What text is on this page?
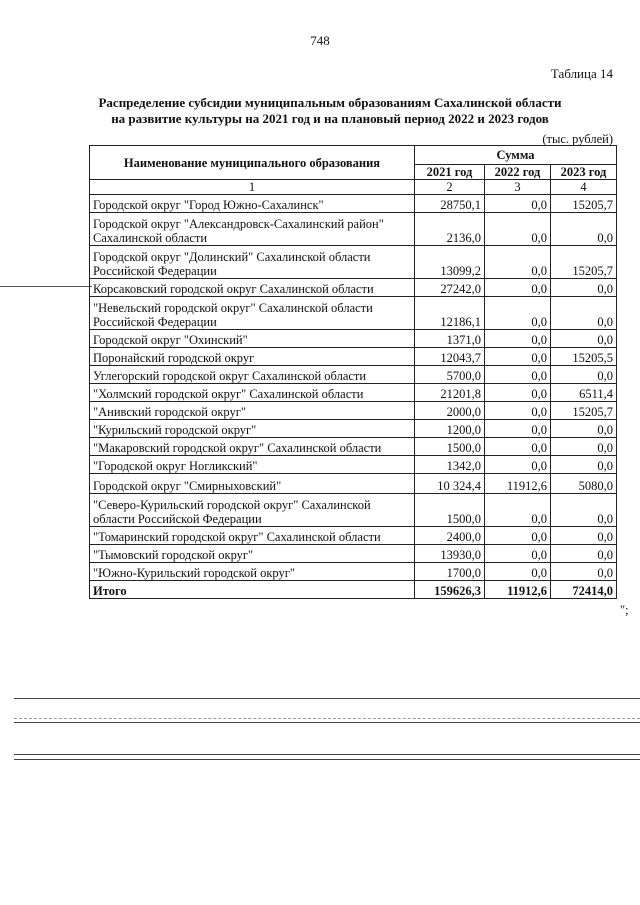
748
Таблица 14
Распределение субсидии муниципальным образованиям Сахалинской области
на развитие культуры на 2021 год и на плановый период 2022 и 2023 годов
(тыс. рублей)
Наименование муниципального образования	Сумма		
	2021 год	2022 год	2023 год
1	2	3	4
Городской округ "Город Южно-Сахалинск"	28750,1	0,0	15205,7
Городской округ "Александровск-Сахалинский район" Сахалинской области	2136,0	0,0	0,0
Городской округ "Долинский" Сахалинской области Российской Федерации	13099,2	0,0	15205,7
Корсаковский городской округ Сахалинской области	27242,0	0,0	0,0
"Невельский городской округ" Сахалинской области Российской Федерации	12186,1	0,0	0,0
Городской округ "Охинский"	1371,0	0,0	0,0
Поронайский городской округ	12043,7	0,0	15205,5
Углегорский городской округ Сахалинской области	5700,0	0,0	0,0
"Холмский городской округ" Сахалинской области	21201,8	0,0	6511,4
"Анивский городской округ"	2000,0	0,0	15205,7
"Курильский городской округ"	1200,0	0,0	0,0
"Макаровский городской округ" Сахалинской области	1500,0	0,0	0,0
"Городской округ Ногликский"	1342,0	0,0	0,0
Городской округ "Смирныховский"	10 324,4	11912,6	5080,0
"Северо-Курильский городской округ" Сахалинской области Российской Федерации	1500,0	0,0	0,0
"Томаринский городской округ" Сахалинской области	2400,0	0,0	0,0
"Тымовский городской округ"	13930,0	0,0	0,0
"Южно-Курильский городской округ"	1700,0	0,0	0,0
Итого	159626,3	11912,6	72414,0
";
